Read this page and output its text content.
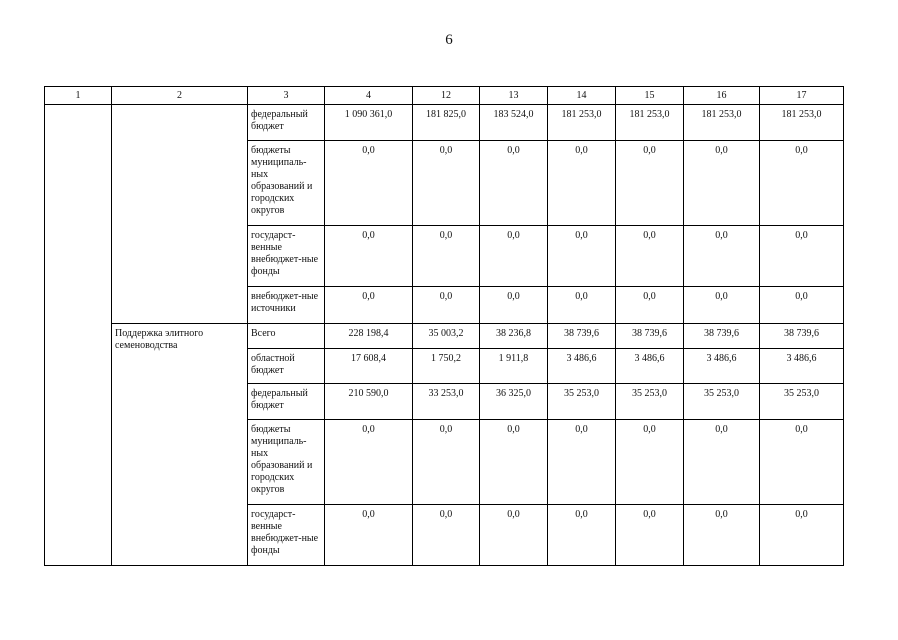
6
1	2	3	4	12	13	14	15	16	17
		федеральный бюджет	1 090 361,0	181 825,0	183 524,0	181 253,0	181 253,0	181 253,0	181 253,0
		бюджеты муниципаль-ных образований и городских округов	0,0	0,0	0,0	0,0	0,0	0,0	0,0
		государст-венные внебюджет-ные фонды	0,0	0,0	0,0	0,0	0,0	0,0	0,0
		внебюджет-ные источники	0,0	0,0	0,0	0,0	0,0	0,0	0,0
	Поддержка элитного семеноводства	Всего	228 198,4	35 003,2	38 236,8	38 739,6	38 739,6	38 739,6	38 739,6
		областной бюджет	17 608,4	1 750,2	1 911,8	3 486,6	3 486,6	3 486,6	3 486,6
		федеральный бюджет	210 590,0	33 253,0	36 325,0	35 253,0	35 253,0	35 253,0	35 253,0
		бюджеты муниципаль-ных образований и городских округов	0,0	0,0	0,0	0,0	0,0	0,0	0,0
		государст-венные внебюджет-ные фонды	0,0	0,0	0,0	0,0	0,0	0,0	0,0
